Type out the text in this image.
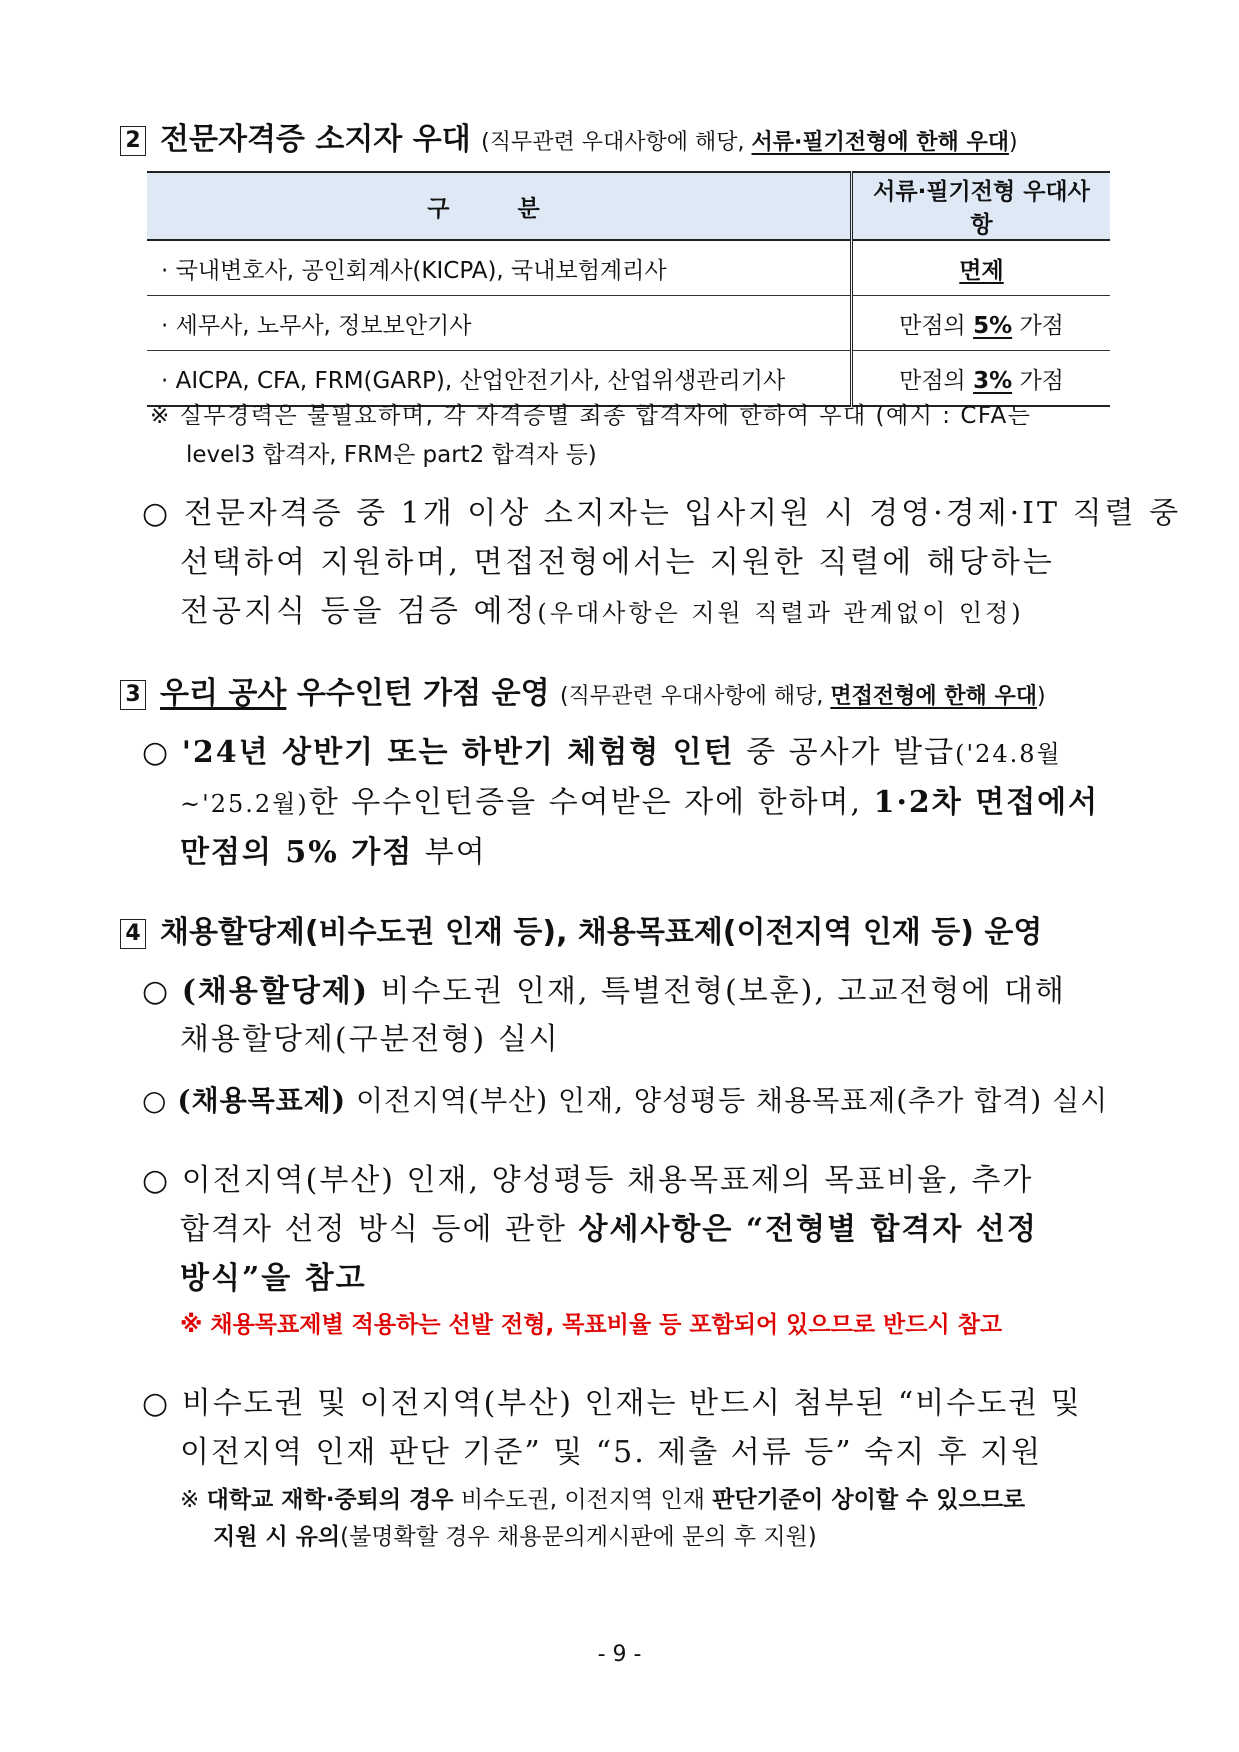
2 전문자격증 소지자 우대 (직무관련 우대사항에 해당, 서류·필기전형에 한해 우대)
구 분	서류·필기전형 우대사항
· 국내변호사, 공인회계사(KICPA), 국내보험계리사	면제
· 세무사, 노무사, 정보보안기사	만점의 5% 가점
· AICPA, CFA, FRM(GARP), 산업안전기사, 산업위생관리기사	만점의 3% 가점
※ 실무경력은 불필요하며, 각 자격증별 최종 합격자에 한하여 우대 (예시 : CFA는
level3 합격자, FRM은 part2 합격자 등)
○ 전문자격증 중 1개 이상 소지자는 입사지원 시 경영·경제·IT 직렬 중
선택하여 지원하며, 면접전형에서는 지원한 직렬에 해당하는
전공지식 등을 검증 예정(우대사항은 지원 직렬과 관계없이 인정)
3 우리 공사 우수인턴 가점 운영 (직무관련 우대사항에 해당, 면접전형에 한해 우대)
○ '24년 상반기 또는 하반기 체험형 인턴 중 공사가 발급('24.8월
~'25.2월)한 우수인턴증을 수여받은 자에 한하며, 1·2차 면접에서
만점의 5% 가점 부여
4 채용할당제(비수도권 인재 등), 채용목표제(이전지역 인재 등) 운영
○ (채용할당제) 비수도권 인재, 특별전형(보훈), 고교전형에 대해
채용할당제(구분전형) 실시
○ (채용목표제) 이전지역(부산) 인재, 양성평등 채용목표제(추가 합격) 실시
○ 이전지역(부산) 인재, 양성평등 채용목표제의 목표비율, 추가
합격자 선정 방식 등에 관한 상세사항은 “전형별 합격자 선정
방식”을 참고
※ 채용목표제별 적용하는 선발 전형, 목표비율 등 포함되어 있으므로 반드시 참고
○ 비수도권 및 이전지역(부산) 인재는 반드시 첨부된 “비수도권 및
이전지역 인재 판단 기준” 및 “5. 제출 서류 등” 숙지 후 지원
※ 대학교 재학·중퇴의 경우 비수도권, 이전지역 인재 판단기준이 상이할 수 있으므로
지원 시 유의(불명확할 경우 채용문의게시판에 문의 후 지원)
- 9 -
